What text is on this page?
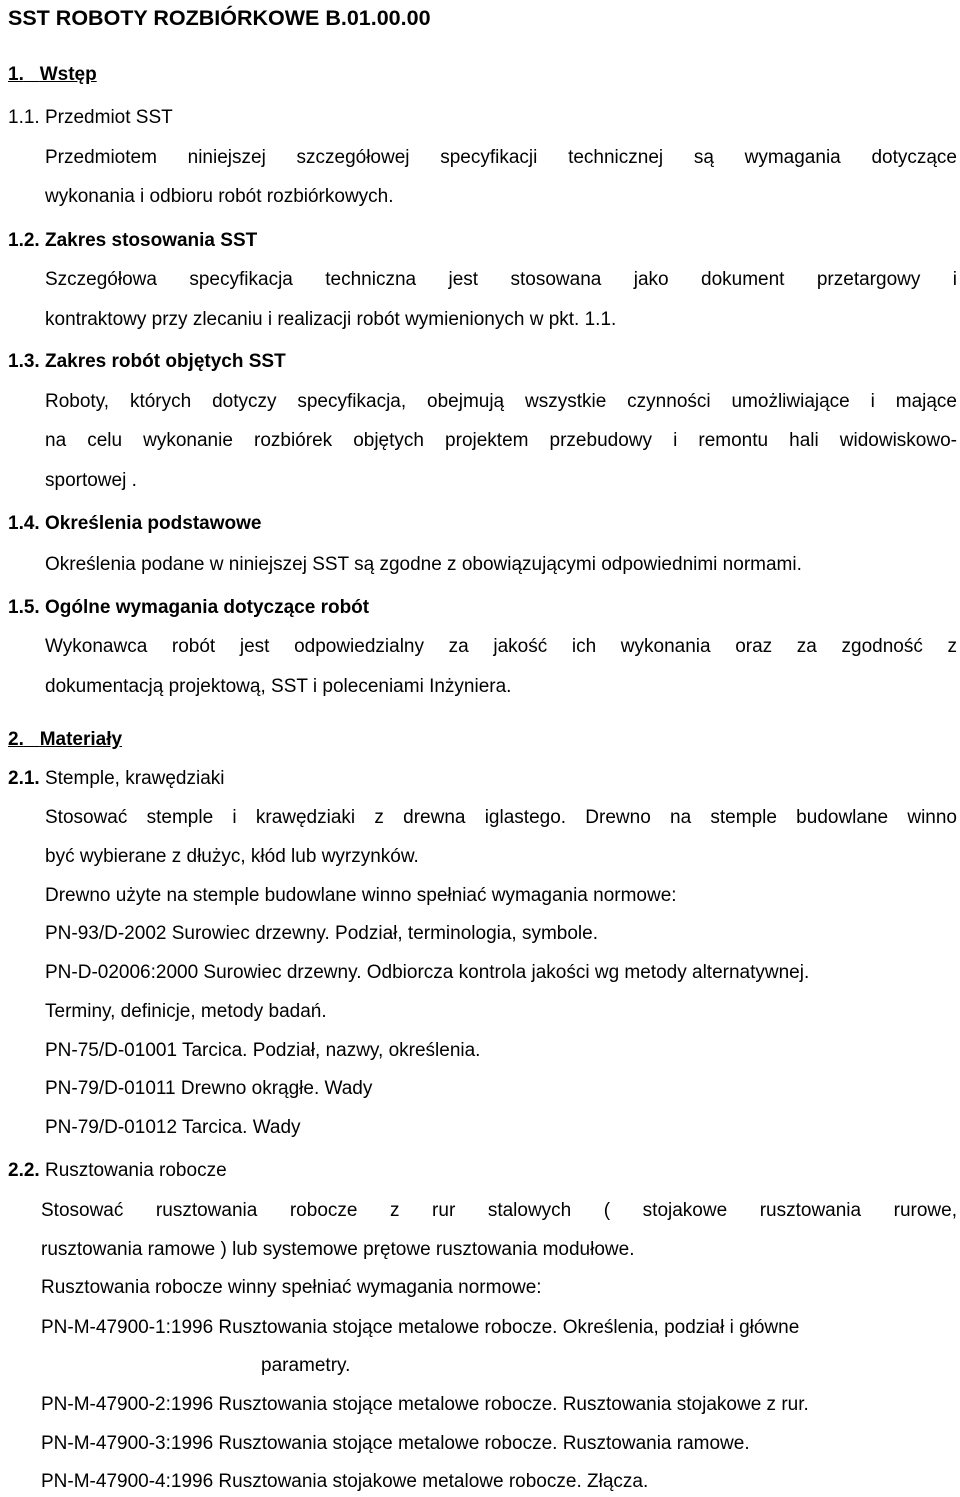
SST ROBOTY ROZBIÓRKOWE B.01.00.00
1. Wstęp
1.1. Przedmiot SST
Przedmiotem niniejszej szczegółowej specyfikacji technicznej są wymagania dotyczące
wykonania i odbioru robót rozbiórkowych.
1.2. Zakres stosowania SST
Szczegółowa specyfikacja techniczna jest stosowana jako dokument przetargowy i
kontraktowy przy zlecaniu i realizacji robót wymienionych w pkt. 1.1.
1.3. Zakres robót objętych SST
Roboty, których dotyczy specyfikacja, obejmują wszystkie czynności umożliwiające i mające
na celu wykonanie rozbiórek objętych projektem przebudowy i remontu hali widowiskowo-
sportowej .
1.4. Określenia podstawowe
Określenia podane w niniejszej SST są zgodne z obowiązującymi odpowiednimi normami.
1.5. Ogólne wymagania dotyczące robót
Wykonawca robót jest odpowiedzialny za jakość ich wykonania oraz za zgodność z
dokumentacją projektową, SST i poleceniami Inżyniera.
2. Materiały
2.1. Stemple, krawędziaki
Stosować stemple i krawędziaki z drewna iglastego. Drewno na stemple budowlane winno
być wybierane z dłużyc, kłód lub wyrzynków.
Drewno użyte na stemple budowlane winno spełniać wymagania normowe:
PN-93/D-2002 Surowiec drzewny. Podział, terminologia, symbole.
PN-D-02006:2000 Surowiec drzewny. Odbiorcza kontrola jakości wg metody alternatywnej.
Terminy, definicje, metody badań.
PN-75/D-01001 Tarcica. Podział, nazwy, określenia.
PN-79/D-01011 Drewno okrągłe. Wady
PN-79/D-01012 Tarcica. Wady
2.2. Rusztowania robocze
Stosować rusztowania robocze z rur stalowych ( stojakowe rusztowania rurowe,
rusztowania ramowe ) lub systemowe prętowe rusztowania modułowe.
Rusztowania robocze winny spełniać wymagania normowe:
PN-M-47900-1:1996 Rusztowania stojące metalowe robocze. Określenia, podział i główne
parametry.
PN-M-47900-2:1996 Rusztowania stojące metalowe robocze. Rusztowania stojakowe z rur.
PN-M-47900-3:1996 Rusztowania stojące metalowe robocze. Rusztowania ramowe.
PN-M-47900-4:1996 Rusztowania stojakowe metalowe robocze. Złącza.
